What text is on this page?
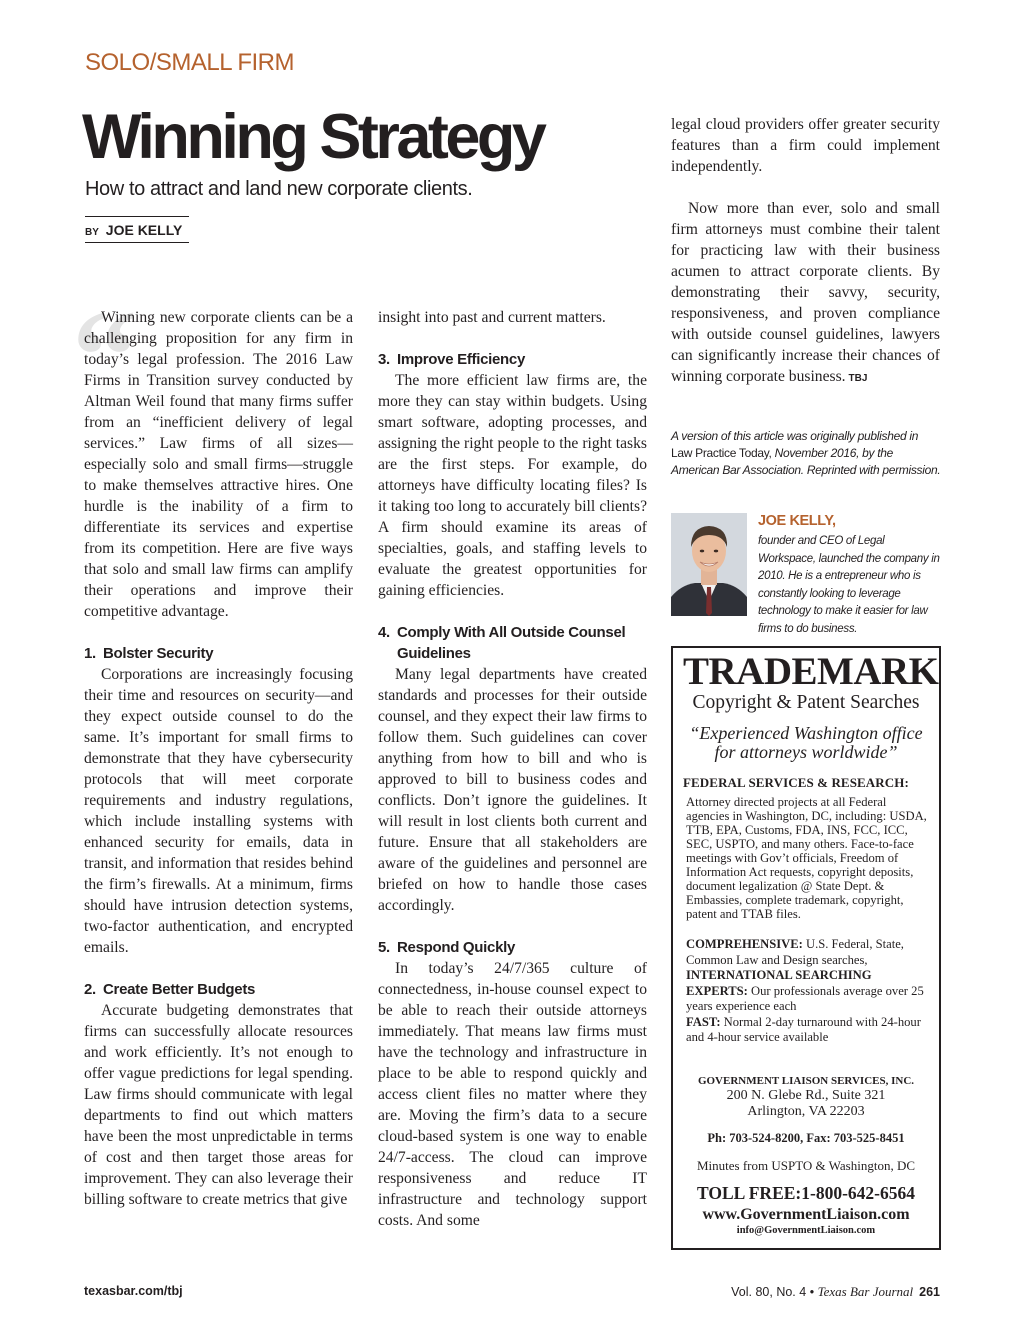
SOLO/SMALL FIRM
Winning Strategy
How to attract and land new corporate clients.
BY JOE KELLY
“

Winning new corporate clients can be a challenging proposition for any firm in today’s legal profession. The 2016 Law Firms in Transition survey conducted by Altman Weil found that many firms suffer from an “inefficient delivery of legal services.” Law firms of all sizes—especially solo and small firms—struggle to make themselves attractive hires. One hurdle is the inability of a firm to differentiate its services and expertise from its competition. Here are five ways that solo and small law firms can amplify their operations and improve their competitive advantage.

1. Bolster Security

Corporations are increasingly focusing their time and resources on security—and they expect outside counsel to do the same. It’s important for small firms to demonstrate that they have cybersecurity protocols that will meet corporate requirements and industry regulations, which include installing systems with enhanced security for emails, data in transit, and information that resides behind the firm’s firewalls. At a minimum, firms should have intrusion detection systems, two-factor authentication, and encrypted emails.

2. Create Better Budgets

Accurate budgeting demonstrates that firms can successfully allocate resources and work efficiently. It’s not enough to offer vague predictions for legal spending. Law firms should communicate with legal departments to find out which matters have been the most unpredictable in terms of cost and then target those areas for improvement. They can also leverage their billing software to create metrics that give

insight into past and current matters.

3. Improve Efficiency

The more efficient law firms are, the more they can stay within budgets. Using smart software, adopting processes, and assigning the right people to the right tasks are the first steps. For example, do attorneys have difficulty locating files? Is it taking too long to accurately bill clients? A firm should examine its areas of specialties, goals, and staffing levels to evaluate the greatest opportunities for gaining efficiencies.

4. Comply With All Outside Counsel
Guidelines

Many legal departments have created standards and processes for their outside counsel, and they expect their law firms to follow them. Such guidelines can cover anything from how to bill and who is approved to bill to business codes and conflicts. Don’t ignore the guidelines. It will result in lost clients both current and future. Ensure that all stakeholders are aware of the guidelines and personnel are briefed on how to handle those cases accordingly.

5. Respond Quickly

In today’s 24/7/365 culture of connectedness, in-house counsel expect to be able to reach their outside attorneys immediately. That means law firms must have the technology and infrastructure in place to be able to respond quickly and access client files no matter where they are. Moving the firm’s data to a secure cloud-based system is one way to enable 24/7-access. The cloud can improve responsiveness and reduce IT infrastructure and technology support costs. And some

legal cloud providers offer greater security features than a firm could implement independently.

Now more than ever, solo and small firm attorneys must combine their talent for practicing law with their business acumen to attract corporate clients. By demonstrating their savvy, security, responsiveness, and proven compliance with outside counsel guidelines, lawyers can significantly increase their chances of winning corporate business. TBJ

A version of this article was originally published in Law Practice Today, November 2016, by the American Bar Association. Reprinted with permission.
JOE KELLY,
founder and CEO of Legal Workspace, launched the company in 2010. He is a entrepreneur who is constantly looking to leverage technology to make it easier for law firms to do business.
TRADEMARK
Copyright & Patent Searches
“Experienced Washington office
for attorneys worldwide”
FEDERAL SERVICES & RESEARCH:
Attorney directed projects at all Federal agencies in Washington, DC, including: USDA, TTB, EPA, Customs, FDA, INS, FCC, ICC, SEC, USPTO, and many others. Face-to-face meetings with Gov’t officials, Freedom of Information Act requests, copyright deposits, document legalization @ State Dept. & Embassies, complete trademark, copyright, patent and TTAB files.
COMPREHENSIVE: U.S. Federal, State, Common Law and Design searches,
INTERNATIONAL SEARCHING
EXPERTS: Our professionals average over 25 years experience each
FAST: Normal 2-day turnaround with 24-hour and 4-hour service available
GOVERNMENT LIAISON SERVICES, INC.
200 N. Glebe Rd., Suite 321
Arlington, VA 22203
Ph: 703-524-8200, Fax: 703-525-8451
Minutes from USPTO & Washington, DC
TOLL FREE:1-800-642-6564
www.GovernmentLiaison.com
info@GovernmentLiaison.com
texasbar.com/tbj	Vol. 80, No. 4 • Texas Bar Journal 261
